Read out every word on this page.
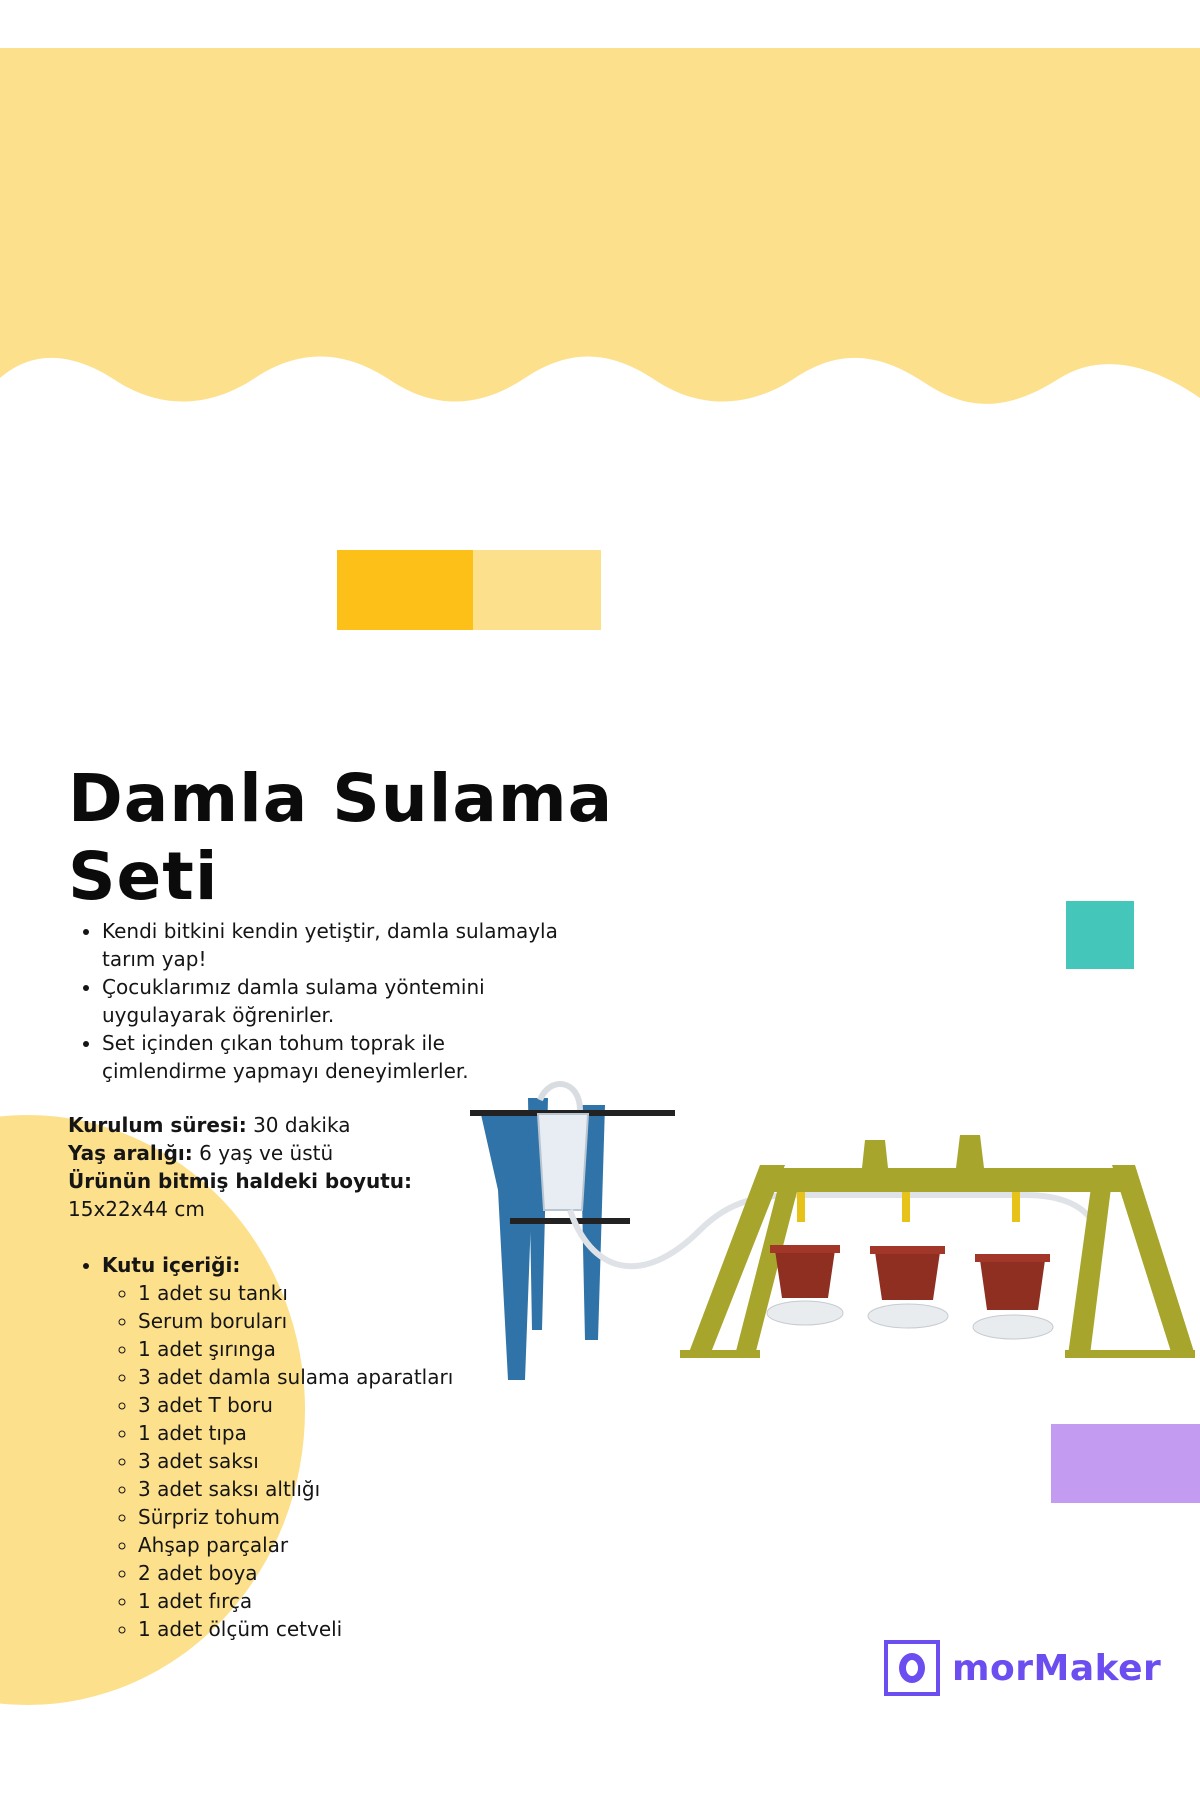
Damla Sulama
Seti
• Kendi bitkini kendin yetiştir, damla sulamayla tarım yap!
• Çocuklarımız damla sulama yöntemini uygulayarak öğrenirler.
• Set içinden çıkan tohum toprak ile çimlendirme yapmayı deneyimlerler.
Kurulum süresi: 30 dakika
Yaş aralığı: 6 yaş ve üstü
Ürünün bitmiş haldeki boyutu:
15x22x44 cm
• Kutu içeriği:
◦ 1 adet su tankı
◦ Serum boruları
◦ 1 adet şırınga
◦ 3 adet damla sulama aparatları
◦ 3 adet T boru
◦ 1 adet tıpa
◦ 3 adet saksı
◦ 3 adet saksı altlığı
◦ Sürpriz tohum
◦ Ahşap parçalar
◦ 2 adet boya
◦ 1 adet fırça
◦ 1 adet ölçüm cetveli
morMaker
